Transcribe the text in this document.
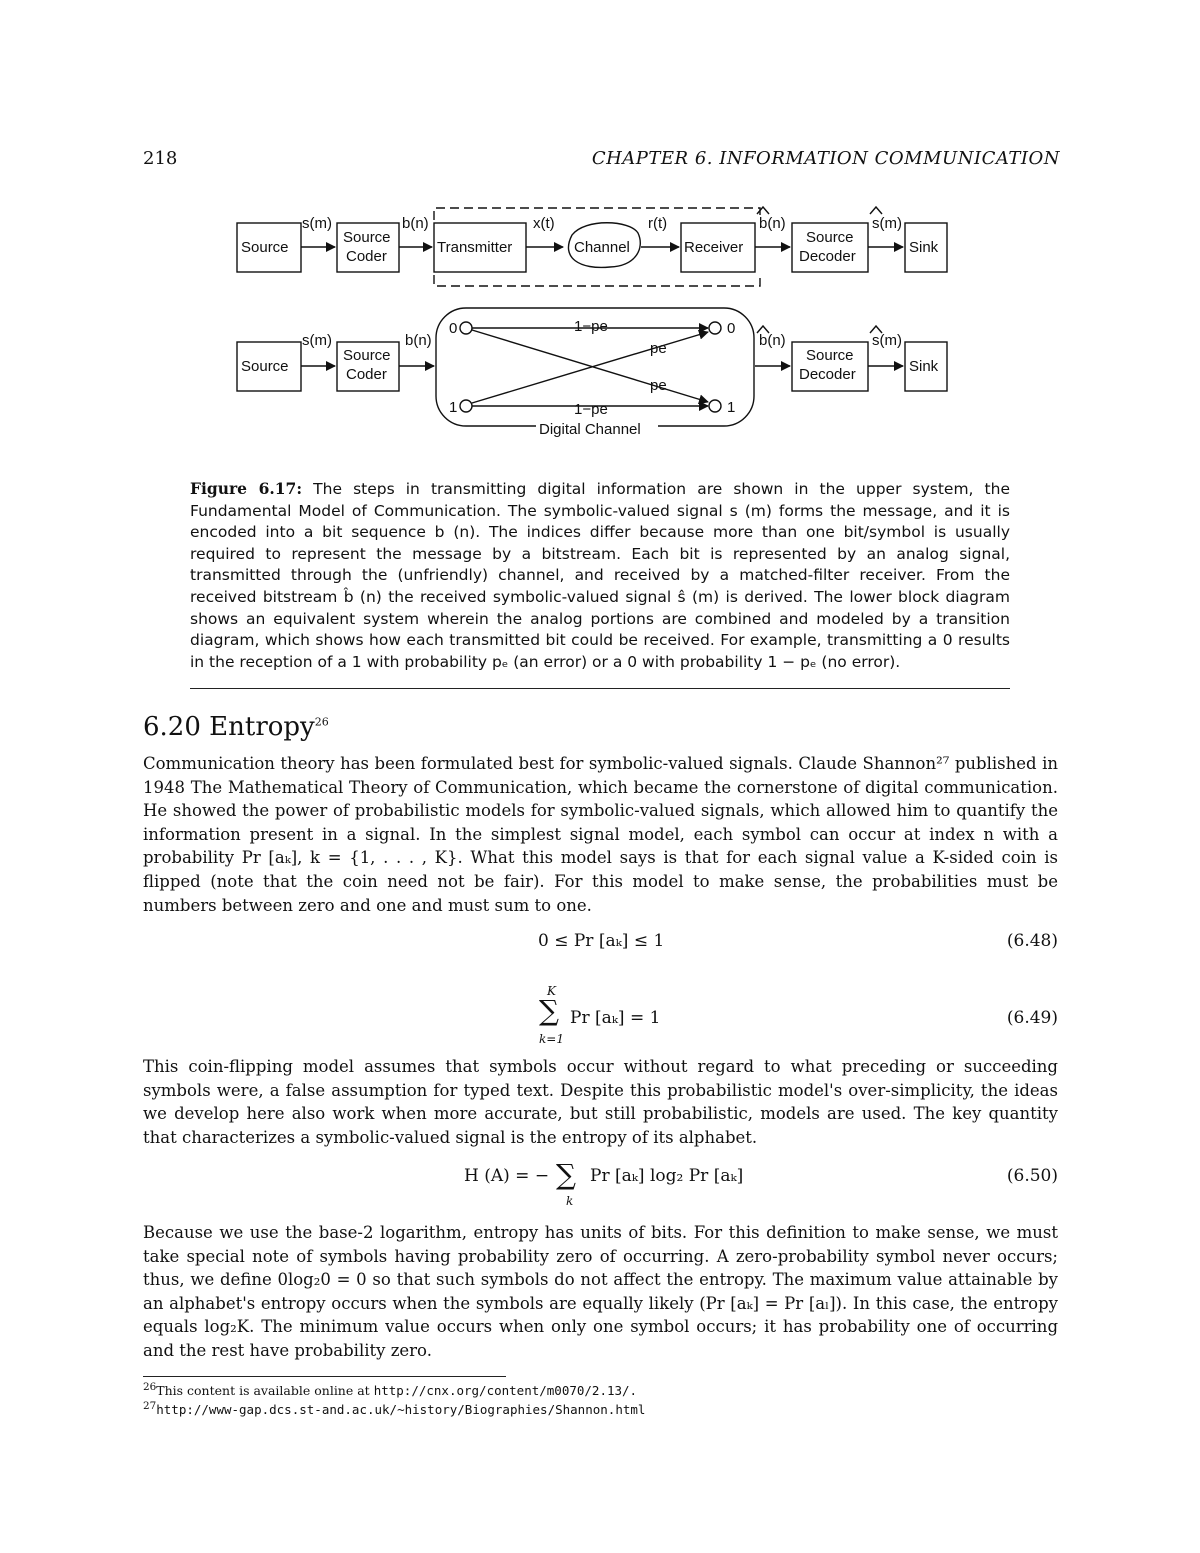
218	CHAPTER 6. INFORMATION COMMUNICATION
Source
Source
Coder
Transmitter	Channel	Receiver
Source
Decoder
Sink
s(m)	b(n)	x(t)	r(t)	b(n)	s(m)
Source
Source
Coder
Source
Decoder	Sink
s(m)	b(n)	b(n)	s(m)
0
1
0
1
1−pe
pe
pe
1−pe
Digital Channel
Figure 6.17: The steps in transmitting digital information are shown in the upper system, the Fundamental Model of Communication. The symbolic-valued signal s (m) forms the message, and it is encoded into a bit sequence b (n). The indices differ because more than one bit/symbol is usually required to represent the message by a bitstream. Each bit is represented by an analog signal, transmitted through the (unfriendly) channel, and received by a matched-filter receiver. From the received bitstream b̂ (n) the received symbolic-valued signal ŝ (m) is derived. The lower block diagram shows an equivalent system wherein the analog portions are combined and modeled by a transition diagram, which shows how each transmitted bit could be received. For example, transmitting a 0 results in the reception of a 1 with probability pₑ (an error) or a 0 with probability 1 − pₑ (no error).
6.20 Entropy$^{26}$
Communication theory has been formulated best for symbolic-valued signals. Claude Shannon²⁷ published in 1948 The Mathematical Theory of Communication, which became the cornerstone of digital communication. He showed the power of probabilistic models for symbolic-valued signals, which allowed him to quantify the information present in a signal. In the simplest signal model, each symbol can occur at index n with a probability Pr [aₖ], k = {1, . . . , K}. What this model says is that for each signal value a K-sided coin is flipped (note that the coin need not be fair). For this model to make sense, the probabilities must be numbers between zero and one and must sum to one.
0 ≤ Pr [aₖ] ≤ 1	(6.48)
K
∑
k=1
Pr [aₖ] = 1	(6.49)
This coin-flipping model assumes that symbols occur without regard to what preceding or succeeding symbols were, a false assumption for typed text. Despite this probabilistic model's over-simplicity, the ideas we develop here also work when more accurate, but still probabilistic, models are used. The key quantity that characterizes a symbolic-valued signal is the entropy of its alphabet.
H (A) = − ∑
k
Pr [aₖ] log₂ Pr [aₖ]	(6.50)
Because we use the base-2 logarithm, entropy has units of bits. For this definition to make sense, we must take special note of symbols having probability zero of occurring. A zero-probability symbol never occurs; thus, we define 0log₂0 = 0 so that such symbols do not affect the entropy. The maximum value attainable by an alphabet's entropy occurs when the symbols are equally likely (Pr [aₖ] = Pr [aₗ]). In this case, the entropy equals log₂K. The minimum value occurs when only one symbol occurs; it has probability one of occurring and the rest have probability zero.
$^{26}$This content is available online at http://cnx.org/content/m0070/2.13/.
$^{27}$http://www-gap.dcs.st-and.ac.uk/~history/Biographies/Shannon.html
